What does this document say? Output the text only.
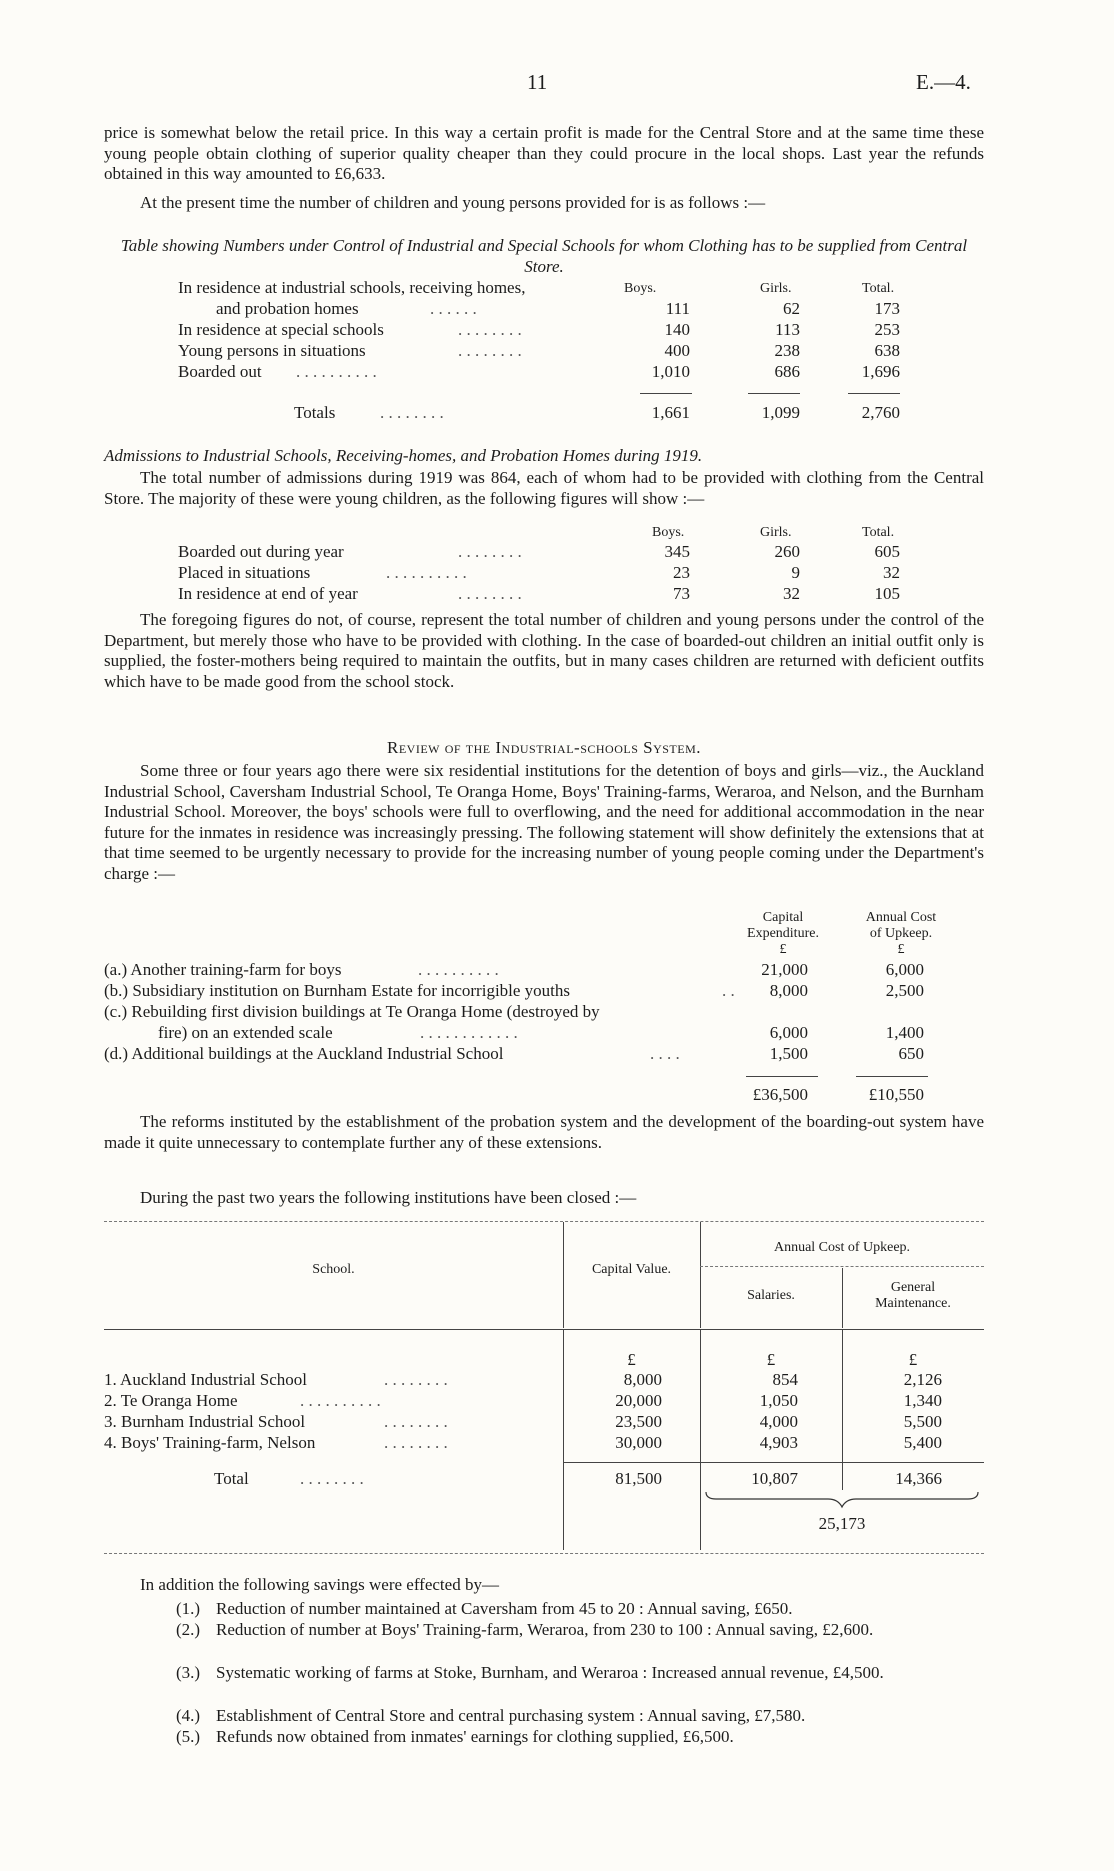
11	E.—4.
price is somewhat below the retail price. In this way a certain profit is made for the Central Store and at the same time these young people obtain clothing of superior quality cheaper than they could procure in the local shops. Last year the refunds obtained in this way amounted to £6,633.
At the present time the number of children and young persons provided for is as follows :—
Table showing Numbers under Control of Industrial and Special Schools for whom Clothing has to be supplied from Central Store.
Boys.	Girls.	Total.
In residence at industrial schools, receiving homes,
and probation homes	. . . . . .	111	62	173
In residence at special schools	. . . . . . . .	140	113	253
Young persons in situations	. . . . . . . .	400	238	638
Boarded out . . . . . . . . . .	1,010	686	1,696
Totals	. . . . . . . .	1,661	1,099	2,760
Admissions to Industrial Schools, Receiving-homes, and Probation Homes during 1919.
The total number of admissions during 1919 was 864, each of whom had to be provided with clothing from the Central Store. The majority of these were young children, as the following figures will show :—
Boys.	Girls.	Total.
Boarded out during year	. . . . . . . .	345	260	605
Placed in situations	. . . . . . . . . .	23	9	32
In residence at end of year	. . . . . . . .	73	32	105
The foregoing figures do not, of course, represent the total number of children and young persons under the control of the Department, but merely those who have to be provided with clothing. In the case of boarded-out children an initial outfit only is supplied, the foster-mothers being required to maintain the outfits, but in many cases children are returned with deficient outfits which have to be made good from the school stock.
Review of the Industrial-schools System.
Some three or four years ago there were six residential institutions for the detention of boys and girls—viz., the Auckland Industrial School, Caversham Industrial School, Te Oranga Home, Boys' Training-farms, Weraroa, and Nelson, and the Burnham Industrial School. Moreover, the boys' schools were full to overflowing, and the need for additional accommodation in the near future for the inmates in residence was increasingly pressing. The following statement will show definitely the extensions that at that time seemed to be urgently necessary to provide for the increasing number of young people coming under the Department's charge :—
Capital
Expenditure.
£
Annual Cost
of Upkeep.
£
(a.) Another training-farm for boys	. . . . . . . . . .	21,000	6,000
(b.) Subsidiary institution on Burnham Estate for incorrigible youths	. .	8,000	2,500
(c.) Rebuilding first division buildings at Te Oranga Home (destroyed by
fire) on an extended scale	. . . . . . . . . . . .	6,000	1,400
(d.) Additional buildings at the Auckland Industrial School	. . . .	1,500	650
£36,500	£10,550
The reforms instituted by the establishment of the probation system and the development of the boarding-out system have made it quite unnecessary to contemplate further any of these extensions.
During the past two years the following institutions have been closed :—
School.	Capital Value.
Annual Cost of Upkeep.
Salaries.
General
Maintenance.
£	£	£
1. Auckland Industrial School	. . . . . . . .	8,000	854	2,126
2. Te Oranga Home	. . . . . . . . . .	20,000	1,050	1,340
3. Burnham Industrial School	. . . . . . . .	23,500	4,000	5,500
4. Boys' Training-farm, Nelson	. . . . . . . .	30,000	4,903	5,400
Total	. . . . . . . .	81,500	10,807	14,366
25,173
In addition the following savings were effected by—
(1.) Reduction of number maintained at Caversham from 45 to 20 : Annual saving, £650.
(2.) Reduction of number at Boys' Training-farm, Weraroa, from 230 to 100 : Annual saving, £2,600.
(3.) Systematic working of farms at Stoke, Burnham, and Weraroa : Increased annual revenue, £4,500.
(4.) Establishment of Central Store and central purchasing system : Annual saving, £7,580.
(5.) Refunds now obtained from inmates' earnings for clothing supplied, £6,500.
